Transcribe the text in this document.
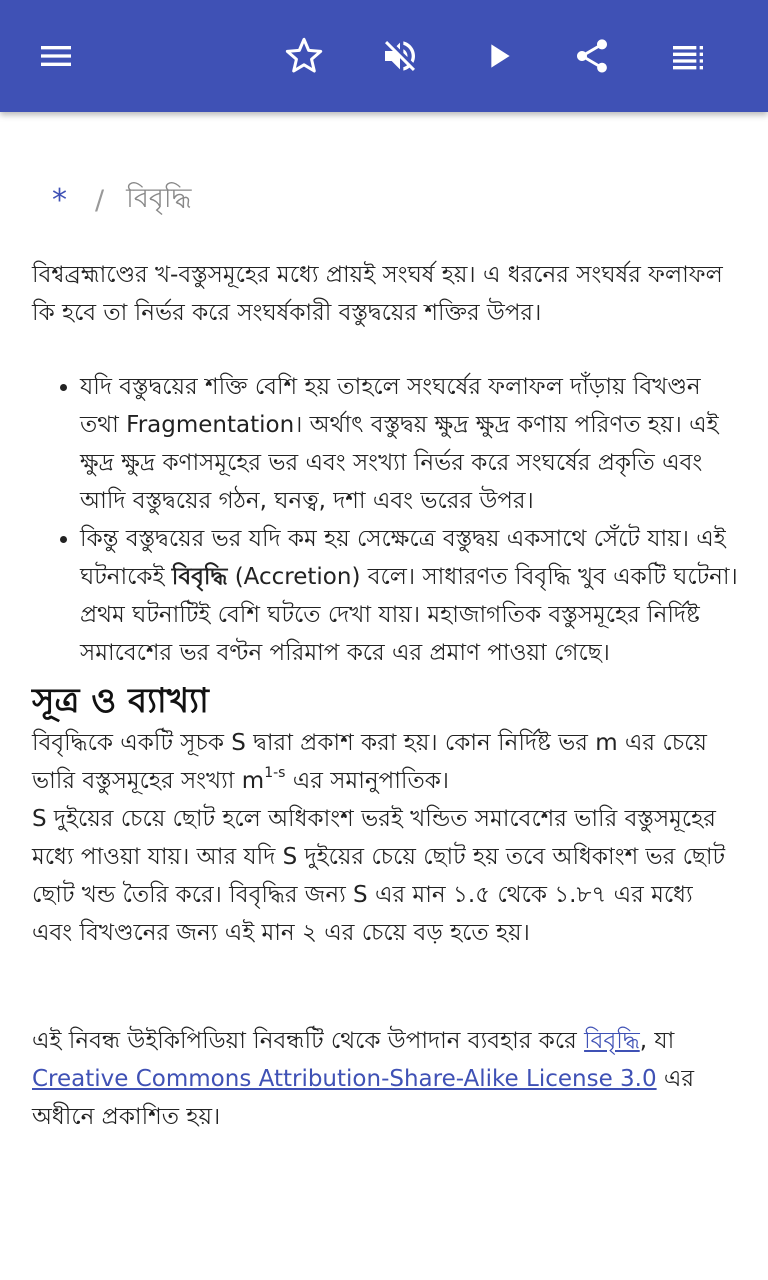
* / বিবৃদ্ধি

বিশ্বব্রহ্মাণ্ডের খ-বস্তুসমূহের মধ্যে প্রায়ই সংঘর্ষ হয়। এ ধরনের সংঘর্ষর ফলাফল কি হবে তা নির্ভর করে সংঘর্ষকারী বস্তুদ্বয়ের শক্তির উপর।

• যদি বস্তুদ্বয়ের শক্তি বেশি হয় তাহলে সংঘর্ষের ফলাফল দাঁড়ায় বিখণ্ডন তথা Fragmentation। অর্থাৎ বস্তুদ্বয় ক্ষুদ্র ক্ষুদ্র কণায় পরিণত হয়। এই ক্ষুদ্র ক্ষুদ্র কণাসমূহের ভর এবং সংখ্যা নির্ভর করে সংঘর্ষের প্রকৃতি এবং আদি বস্তুদ্বয়ের গঠন, ঘনত্ব, দশা এবং ভরের উপর।
• কিন্তু বস্তুদ্বয়ের ভর যদি কম হয় সেক্ষেত্রে বস্তুদ্বয় একসাথে সেঁটে যায়। এই ঘটনাকেই বিবৃদ্ধি (Accretion) বলে। সাধারণত বিবৃদ্ধি খুব একটি ঘটেনা। প্রথম ঘটনাটিই বেশি ঘটতে দেখা যায়। মহাজাগতিক বস্তুসমূহের নির্দিষ্ট সমাবেশের ভর বণ্টন পরিমাপ করে এর প্রমাণ পাওয়া গেছে।
সূত্র ও ব্যাখ্যা

বিবৃদ্ধিকে একটি সূচক S দ্বারা প্রকাশ করা হয়। কোন নির্দিষ্ট ভর m এর চেয়ে ভারি বস্তুসমূহের সংখ্যা $m^{1-s}$ এর সমানুপাতিক।

S দুইয়ের চেয়ে ছোট হলে অধিকাংশ ভরই খন্ডিত সমাবেশের ভারি বস্তুসমূহের মধ্যে পাওয়া যায়। আর যদি S দুইয়ের চেয়ে ছোট হয় তবে অধিকাংশ ভর ছোট ছোট খন্ড তৈরি করে। বিবৃদ্ধির জন্য S এর মান ১.৫ থেকে ১.৮৭ এর মধ্যে এবং বিখণ্ডনের জন্য এই মান ২ এর চেয়ে বড় হতে হয়।

এই নিবন্ধ উইকিপিডিয়া নিবন্ধটি থেকে উপাদান ব্যবহার করে বিবৃদ্ধি, যা Creative Commons Attribution-Share-Alike License 3.0 এর অধীনে প্রকাশিত হয়।
